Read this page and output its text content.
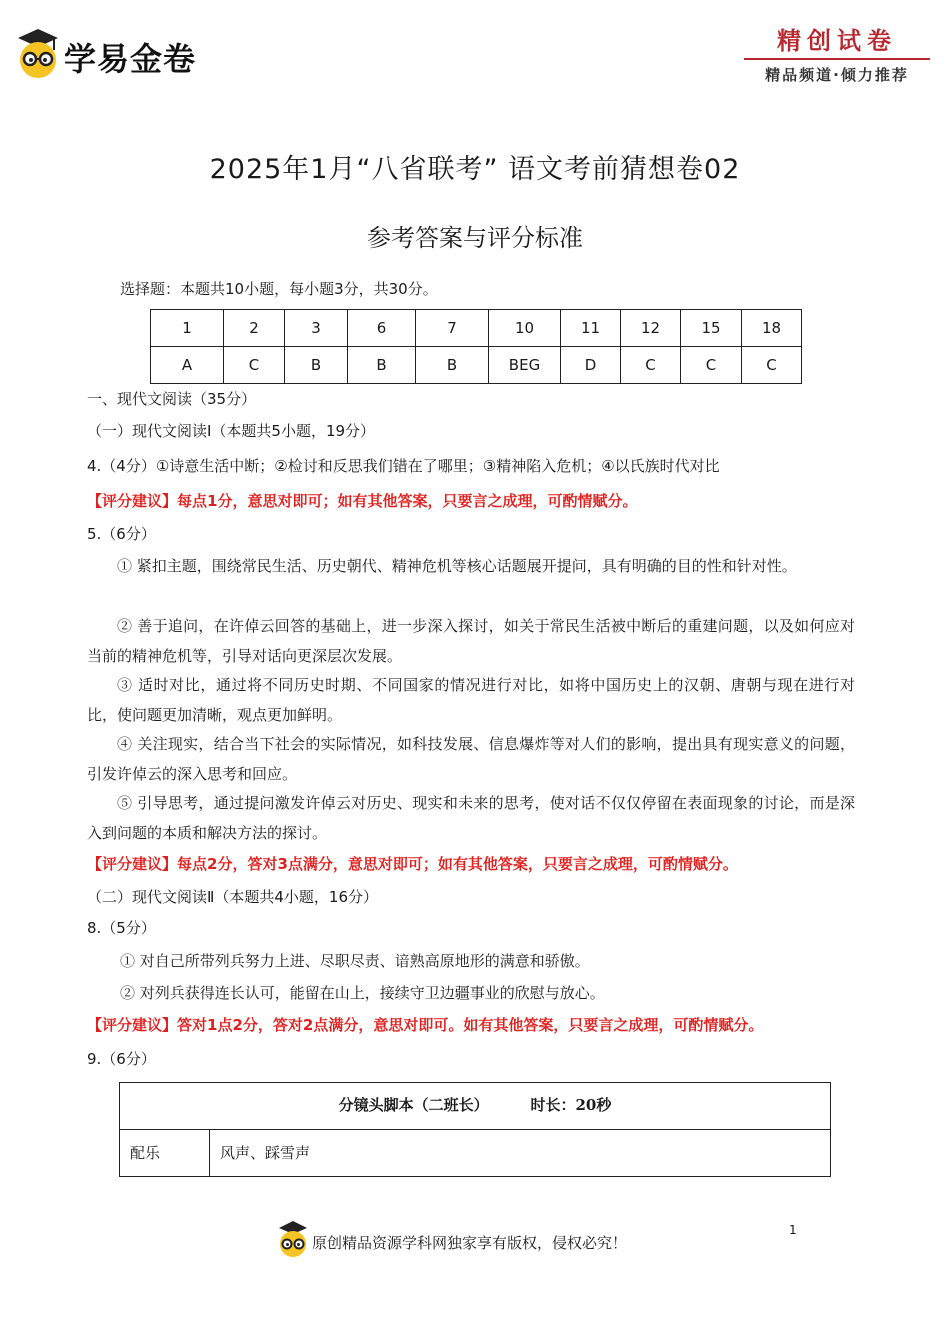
学易金卷	精创试卷
精品频道·倾力推荐
2025年1月“八省联考” 语文考前猜想卷02
参考答案与评分标准
选择题：本题共10小题，每小题3分，共30分。
1	2	3	6	7	10	11	12	15	18
A	C	B	B	B	BEG	D	C	C	C
一、现代文阅读（35分）
（一）现代文阅读Ⅰ（本题共5小题，19分）
4.（4分）①诗意生活中断；②检讨和反思我们错在了哪里；③精神陷入危机；④以氏族时代对比
【评分建议】每点1分，意思对即可；如有其他答案，只要言之成理，可酌情赋分。
5.（6分）
① 紧扣主题，围绕常民生活、历史朝代、精神危机等核心话题展开提问，具有明确的目的性和针对性。
② 善于追问，在许倬云回答的基础上，进一步深入探讨，如关于常民生活被中断后的重建问题，以及如何应对当前的精神危机等，引导对话向更深层次发展。
③ 适时对比，通过将不同历史时期、不同国家的情况进行对比，如将中国历史上的汉朝、唐朝与现在进行对比，使问题更加清晰，观点更加鲜明。
④ 关注现实，结合当下社会的实际情况，如科技发展、信息爆炸等对人们的影响，提出具有现实意义的问题，引发许倬云的深入思考和回应。
⑤ 引导思考，通过提问激发许倬云对历史、现实和未来的思考，使对话不仅仅停留在表面现象的讨论，而是深入到问题的本质和解决方法的探讨。
【评分建议】每点2分，答对3点满分，意思对即可；如有其他答案，只要言之成理，可酌情赋分。
（二）现代文阅读Ⅱ（本题共4小题，16分）
8.（5分）
① 对自己所带列兵努力上进、尽职尽责、谙熟高原地形的满意和骄傲。
② 对列兵获得连长认可，能留在山上，接续守卫边疆事业的欣慰与放心。
【评分建议】答对1点2分，答对2点满分，意思对即可。如有其他答案，只要言之成理，可酌情赋分。
9.（6分）
分镜头脚本（二班长）        时长：20秒
配乐	风声、踩雪声
原创精品资源学科网独家享有版权，侵权必究！
1
